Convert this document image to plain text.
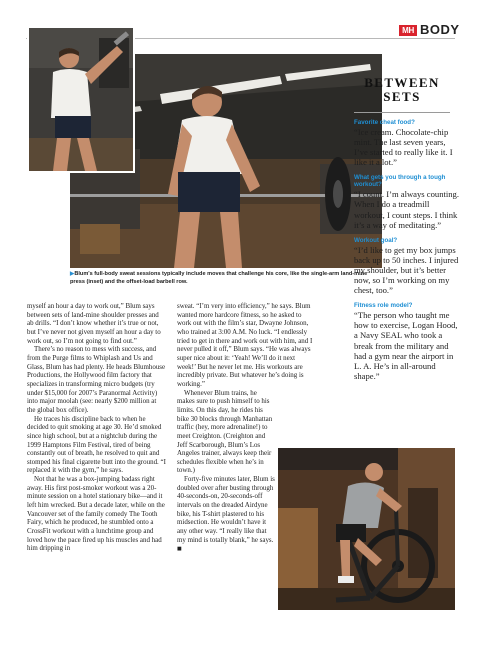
MH BODY
▶Blum's full-body sweat sessions typically include moves that challenge his core, like the single-arm land-mine press (inset) and the offset-load barbell row.
BETWEEN
SETS
Favorite cheat food?
“Ice cream. Chocolate-chip mint. The last seven years, I’ve started to really like it. I like it a lot.”
What gets you through a tough workout?
“I count. I’m always counting. When I do a treadmill workout, I count steps. I think it’s a way of meditating.”
Workout goal?
“I’d like to get my box jumps back up to 50 inches. I injured my shoulder, but it’s better now, so I’m working on my chest, too.”
Fitness role model?
“The person who taught me how to exercise, Logan Hood, a Navy SEAL who took a break from the military and had a gym near the airport in L. A. He’s in all-around shape.”

myself an hour a day to work out,” Blum says between sets of land-mine shoulder presses and ab drills. “I don’t know whether it’s true or not, but I’ve never not given myself an hour a day to work out, so I’m not going to find out.”

There’s no reason to mess with success, and from the Purge films to Whiplash and Us and Glass, Blum has had plenty. He heads Blumhouse Productions, the Hollywood film factory that specializes in transforming micro budgets (try under $15,000 for 2007’s Paranormal Activity) into major moolah (see: nearly $200 million at the global box office).

He traces his discipline back to when he decided to quit smoking at age 30. He’d smoked since high school, but at a nightclub during the 1999 Hamptons Film Festival, tired of being constantly out of breath, he resolved to quit and stomped his final cigarette butt into the ground. “I replaced it with the gym,” he says.

Not that he was a box-jumping badass right away. His first post-smoker workout was a 20-minute session on a hotel stationary bike—and it left him wrecked. But a decade later, while on the Vancouver set of the family comedy The Tooth Fairy, which he produced, he stumbled onto a CrossFit workout with a lunchtime group and loved how the pace fired up his muscles and had him dripping in

sweat. “I’m very into efficiency,” he says. Blum wanted more hardcore fitness, so he asked to work out with the film’s star, Dwayne Johnson, who trained at 3:00 A.M. No luck. “I endlessly tried to get in there and work out with him, and I never pulled it off,” Blum says. “He was always super nice about it: ‘Yeah! We’ll do it next week!’ But he never let me. His workouts are incredibly private. But whatever he’s doing is working.”

Whenever Blum trains, he makes sure to push himself to his limits. On this day, he rides his bike 30 blocks through Manhattan traffic (hey, more adrenaline!) to meet Creighton. (Creighton and Jeff Scarborough, Blum’s Los Angeles trainer, always keep their schedules flexible when he’s in town.)

Forty-five minutes later, Blum is doubled over after busting through 40-seconds-on, 20-seconds-off intervals on the dreaded Airdyne bike, his T-shirt plastered to his midsection. He wouldn’t have it any other way. “I really like that my mind is totally blank,” he says. ■
